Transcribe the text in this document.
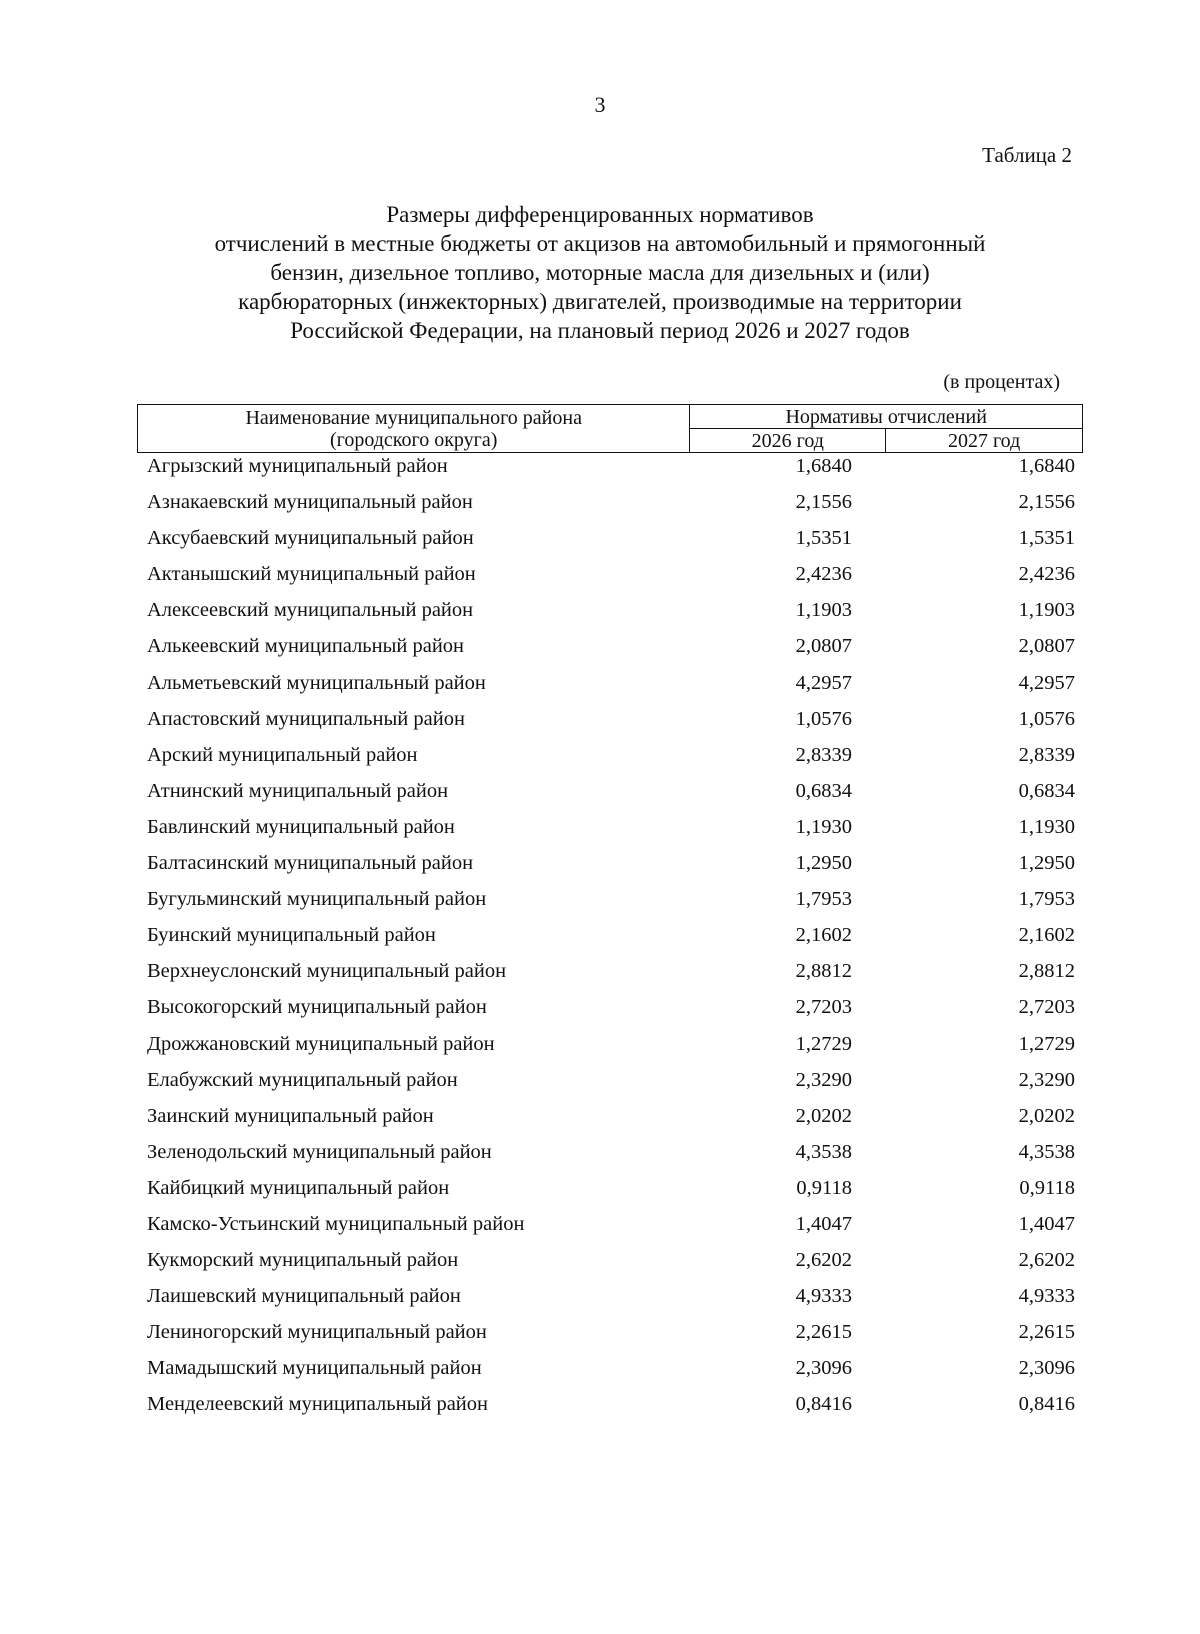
3
Таблица 2
Размеры дифференцированных нормативов
отчислений в местные бюджеты от акцизов на автомобильный и прямогонный
бензин, дизельное топливо, моторные масла для дизельных и (или)
карбюраторных (инжекторных) двигателей, производимые на территории
Российской Федерации, на плановый период 2026 и 2027 годов
(в процентах)
Наименование муниципального района
(городского округа)	Нормативы отчислений	
	2026 год	2027 год
Агрызский муниципальный район	1,6840	1,6840
Азнакаевский муниципальный район	2,1556	2,1556
Аксубаевский муниципальный район	1,5351	1,5351
Актанышский муниципальный район	2,4236	2,4236
Алексеевский муниципальный район	1,1903	1,1903
Алькеевский муниципальный район	2,0807	2,0807
Альметьевский муниципальный район	4,2957	4,2957
Апастовский муниципальный район	1,0576	1,0576
Арский муниципальный район	2,8339	2,8339
Атнинский муниципальный район	0,6834	0,6834
Бавлинский муниципальный район	1,1930	1,1930
Балтасинский муниципальный район	1,2950	1,2950
Бугульминский муниципальный район	1,7953	1,7953
Буинский муниципальный район	2,1602	2,1602
Верхнеуслонский муниципальный район	2,8812	2,8812
Высокогорский муниципальный район	2,7203	2,7203
Дрожжановский муниципальный район	1,2729	1,2729
Елабужский муниципальный район	2,3290	2,3290
Заинский муниципальный район	2,0202	2,0202
Зеленодольский муниципальный район	4,3538	4,3538
Кайбицкий муниципальный район	0,9118	0,9118
Камско-Устьинский муниципальный район	1,4047	1,4047
Кукморский муниципальный район	2,6202	2,6202
Лаишевский муниципальный район	4,9333	4,9333
Лениногорский муниципальный район	2,2615	2,2615
Мамадышский муниципальный район	2,3096	2,3096
Менделеевский муниципальный район	0,8416	0,8416
